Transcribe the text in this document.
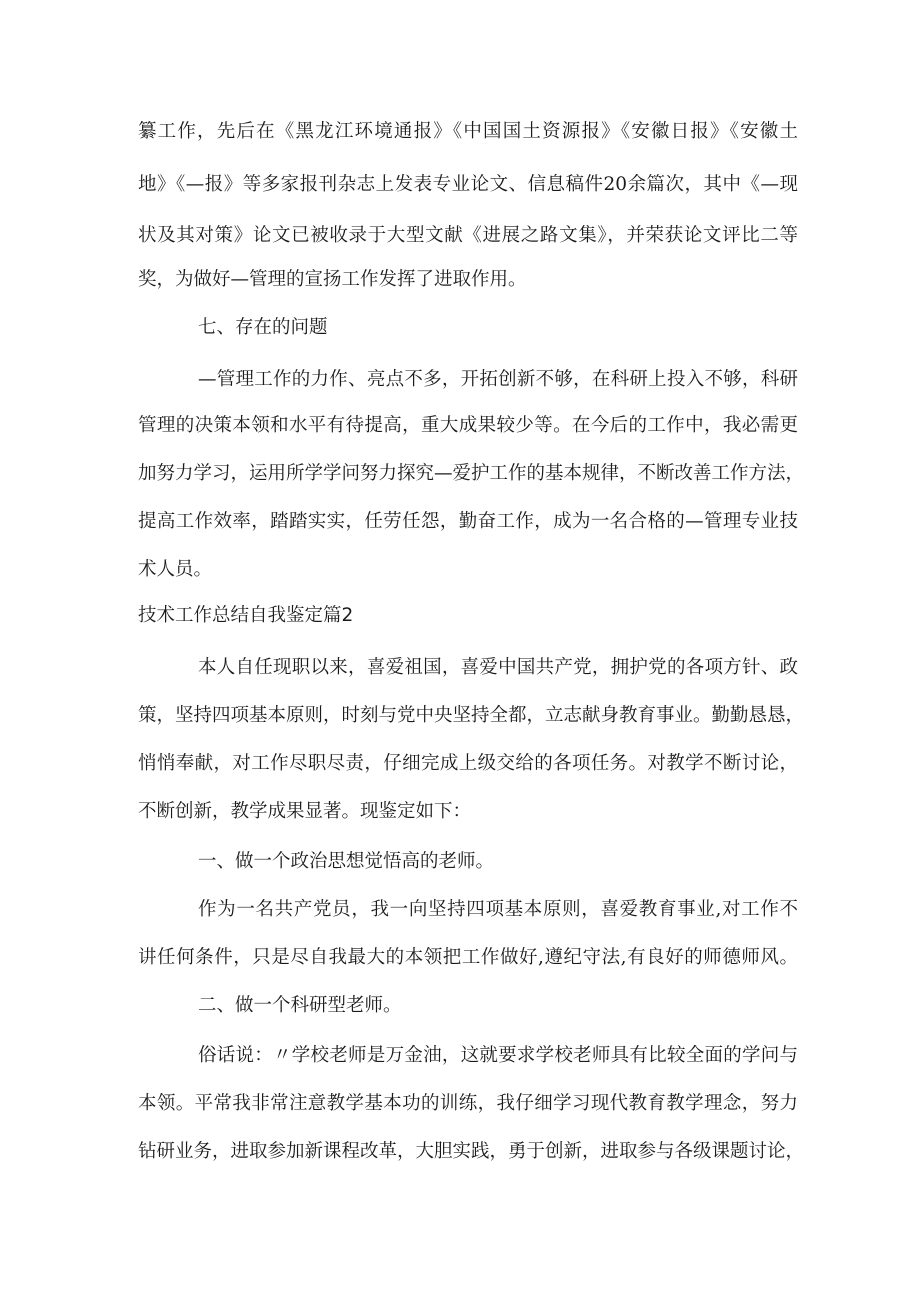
纂工作，先后在《黑龙江环境通报》《中国国土资源报》《安徽日报》《安徽土
地》《—报》等多家报刊杂志上发表专业论文、信息稿件20余篇次，其中《—现
状及其对策》论文已被收录于大型文献《进展之路文集》，并荣获论文评比二等
奖，为做好—管理的宣扬工作发挥了进取作用。
七、存在的问题
—管理工作的力作、亮点不多，开拓创新不够，在科研上投入不够，科研
管理的决策本领和水平有待提高，重大成果较少等。在今后的工作中，我必需更
加努力学习，运用所学学问努力探究—爱护工作的基本规律，不断改善工作方法，
提高工作效率，踏踏实实，任劳任怨，勤奋工作，成为一名合格的—管理专业技
术人员。
技术工作总结自我鉴定篇2
本人自任现职以来，喜爱祖国，喜爱中国共产党，拥护党的各项方针、政
策，坚持四项基本原则，时刻与党中央坚持全都，立志献身教育事业。勤勤恳恳，
悄悄奉献，对工作尽职尽责，仔细完成上级交给的各项任务。对教学不断讨论，
不断创新，教学成果显著。现鉴定如下：
一、做一个政治思想觉悟高的老师。
作为一名共产党员，我一向坚持四项基本原则，喜爱教育事业,对工作不
讲任何条件，只是尽自我最大的本领把工作做好,遵纪守法,有良好的师德师风。
二、做一个科研型老师。
俗话说：〃学校老师是万金油，这就要求学校老师具有比较全面的学问与
本领。平常我非常注意教学基本功的训练，我仔细学习现代教育教学理念，努力
钻研业务，进取参加新课程改革，大胆实践，勇于创新，进取参与各级课题讨论，
